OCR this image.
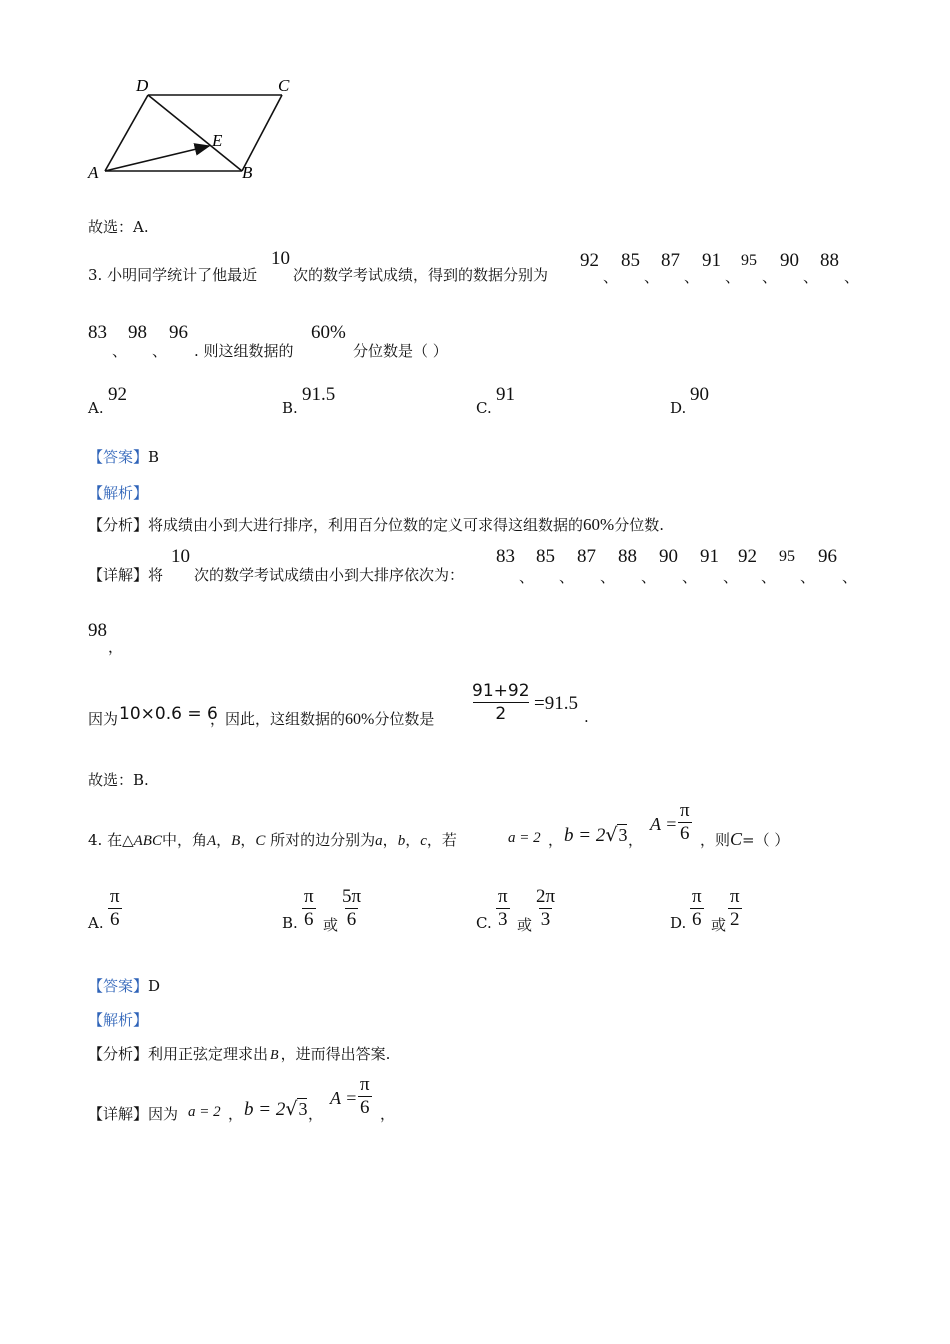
A	B
C
D
E
故选：A.
3. 小明同学统计了他最近
10
次的数学考试成绩，得到的数据分别为
92
、
85
、
87
、
91
、
95
、
90
、
88
、
83
、
98
、
96
. 则这组数据的
60%
分位数是（ ）
A.
92
B.
91.5
C.
91
D.
90
【答案】B
【解析】
【分析】将成绩由小到大进行排序，利用百分位数的定义可求得这组数据的60%分位数.
【详解】将
10
次的数学考试成绩由小到大排序依次为：
83
、
85
、
87
、
88
、
90
、
91
、
92
、
95
、
96
、
98
，
因为 10×0.6 = 6
，因此，这组数据的60%分位数是 $\frac{91+92}{2} =91.5$
.
故选：B.
4. 在△ABC中，角A，B，C 所对的边分别为a，b，c，若	a = 2 ， b = 2√3 ，
$A = \frac{\pi}{6}$ ，则C=（ ）
A. $\frac{\pi}{6}$	B. $\frac{\pi}{6}$ 或 $\frac{5\pi}{6}$	C. $\frac{\pi}{3}$ 或 $\frac{2\pi}{3}$	D. $\frac{\pi}{6}$ 或 $\frac{\pi}{2}$
【答案】D
【解析】
【分析】利用正弦定理求出 B ，进而得出答案.
【详解】因为 a = 2 ， b = 2√3 ，
$A = \frac{\pi}{6}$ ，
